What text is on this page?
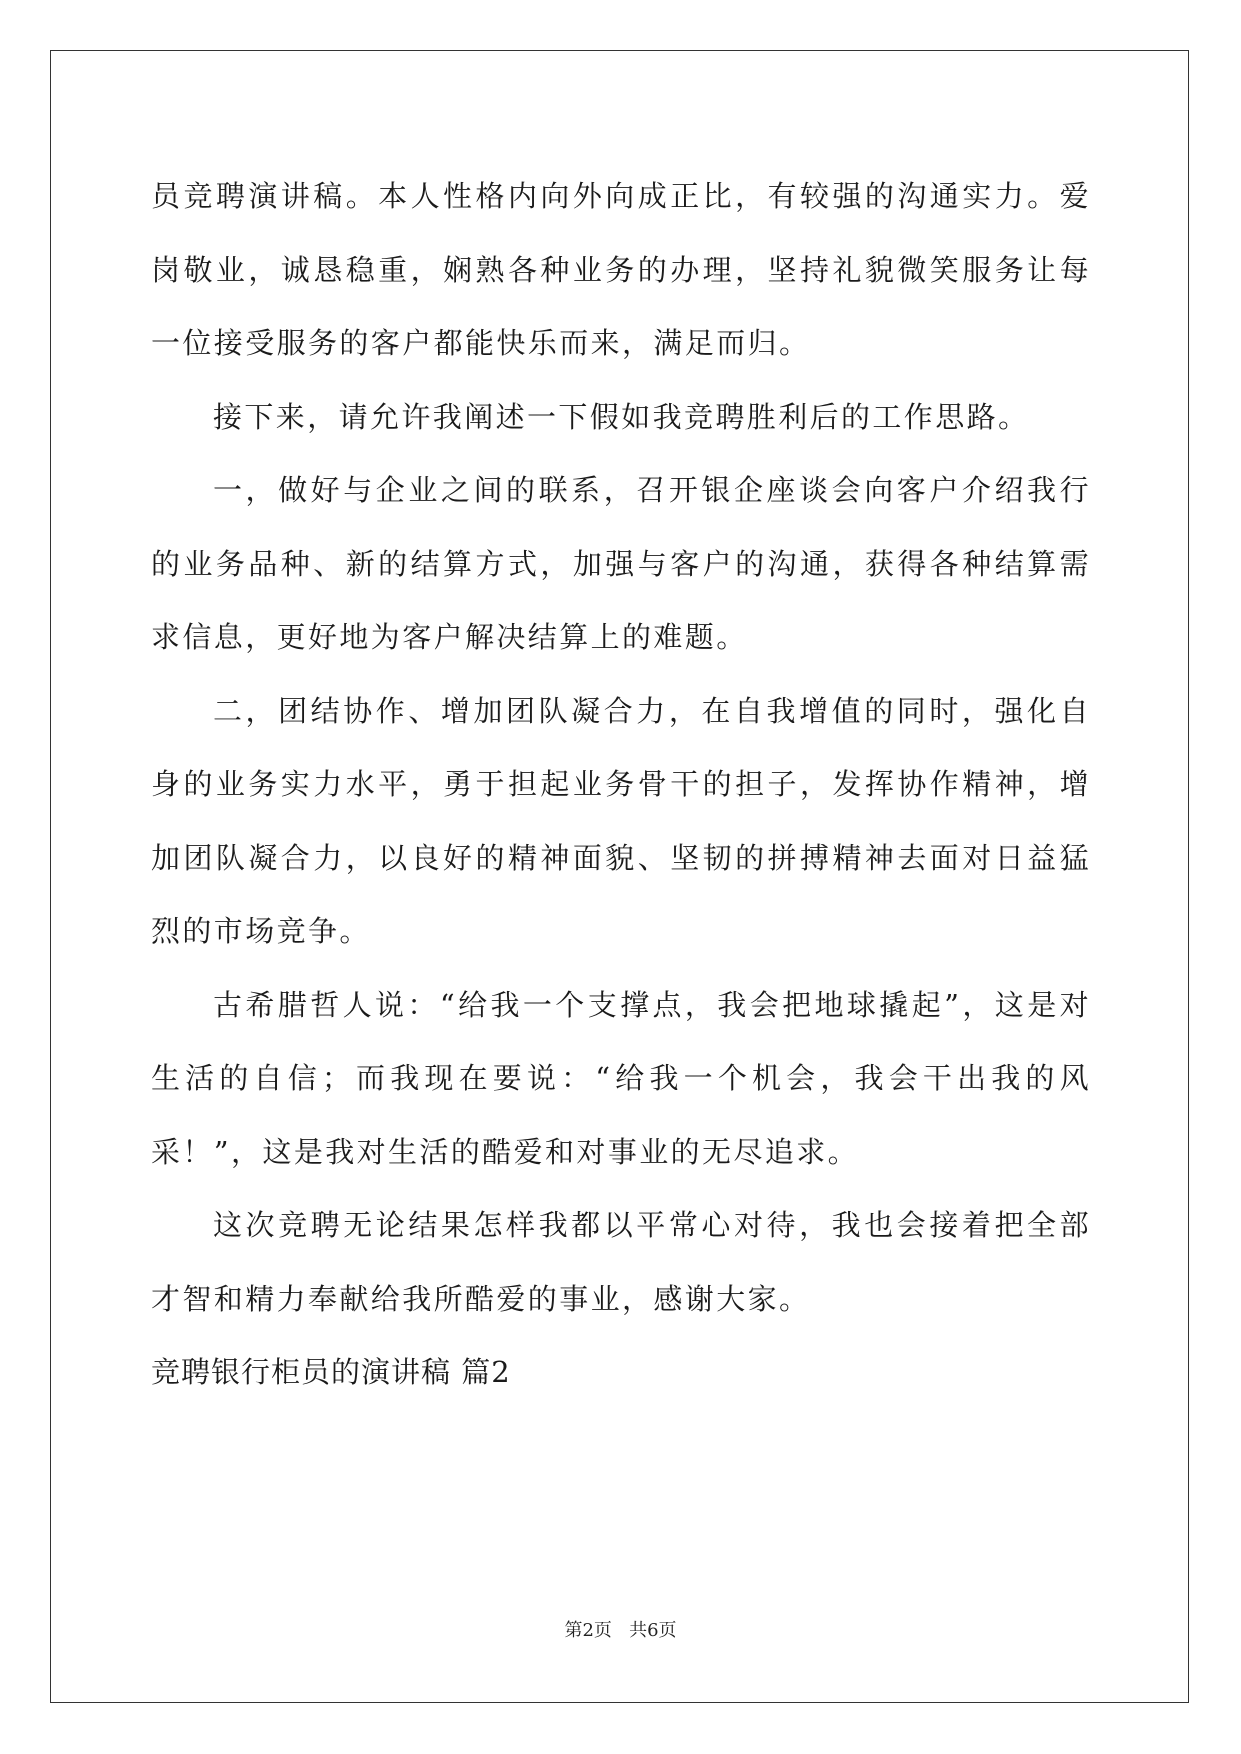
员竞聘演讲稿。本人性格内向外向成正比，有较强的沟通实力。爱岗敬业，诚恳稳重，娴熟各种业务的办理，坚持礼貌微笑服务让每一位接受服务的客户都能快乐而来，满足而归。

接下来，请允许我阐述一下假如我竞聘胜利后的工作思路。

一，做好与企业之间的联系，召开银企座谈会向客户介绍我行的业务品种、新的结算方式，加强与客户的沟通，获得各种结算需求信息，更好地为客户解决结算上的难题。

二，团结协作、增加团队凝合力，在自我增值的同时，强化自身的业务实力水平，勇于担起业务骨干的担子，发挥协作精神，增加团队凝合力，以良好的精神面貌、坚韧的拼搏精神去面对日益猛烈的市场竞争。

古希腊哲人说：“给我一个支撑点，我会把地球撬起”，这是对生活的自信；而我现在要说：“给我一个机会，我会干出我的风采！”，这是我对生活的酷爱和对事业的无尽追求。

这次竞聘无论结果怎样我都以平常心对待，我也会接着把全部才智和精力奉献给我所酷爱的事业，感谢大家。

竞聘银行柜员的演讲稿 篇2

第2页 共6页
